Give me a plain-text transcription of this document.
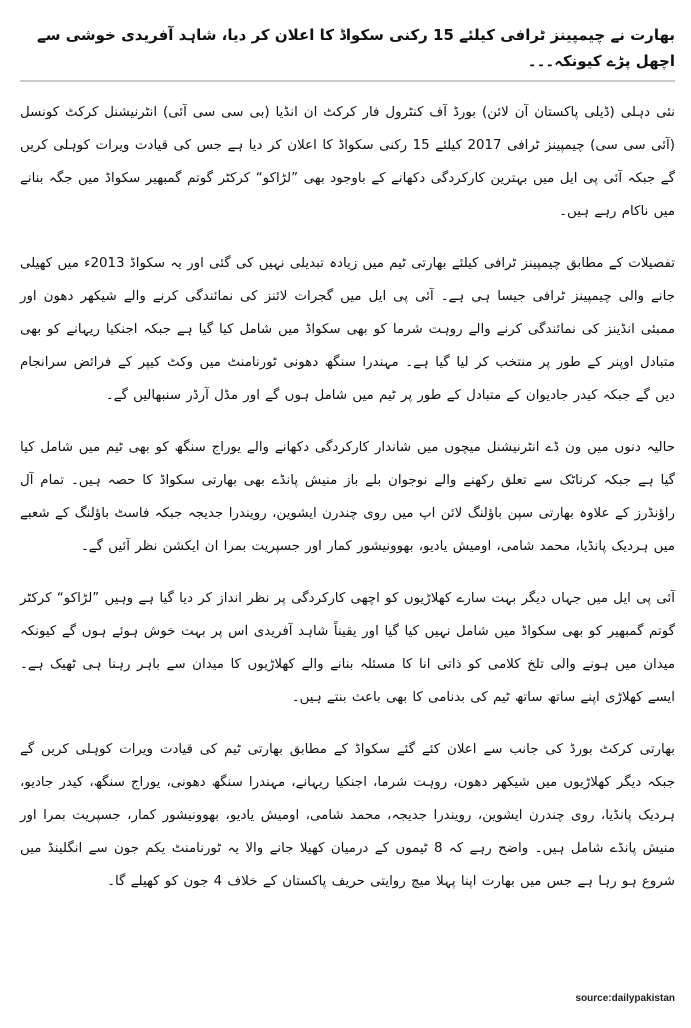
بھارت نے چیمپینز ٹرافی کیلئے 15 رکنی سکواڈ کا اعلان کر دیا، شاہد آفریدی خوشی سے اچھل پڑے کیونکہ۔۔۔

نئی دہلی (ڈیلی پاکستان آن لائن) بورڈ آف کنٹرول فار کرکٹ ان انڈیا (بی سی سی آئی) انٹرنیشنل کرکٹ کونسل (آئی سی سی) چیمپینز ٹرافی 2017 کیلئے 15 رکنی سکواڈ کا اعلان کر دیا ہے جس کی قیادت ویرات کوہلی کریں گے جبکہ آئی پی ایل میں بہترین کارکردگی دکھانے کے باوجود بھی ”لڑاکو“ کرکٹر گوتم گمبھیر سکواڈ میں جگہ بنانے میں ناکام رہے ہیں۔

تفصیلات کے مطابق چیمپینز ٹرافی کیلئے بھارتی ٹیم میں زیادہ تبدیلی نہیں کی گئی اور یہ سکواڈ 2013ء میں کھیلی جانے والی چیمپینز ٹرافی جیسا ہی ہے۔ آئی پی ایل میں گجرات لائنز کی نمائندگی کرنے والے شیکھر دھون اور ممبئی انڈینز کی نمائندگی کرنے والے روہت شرما کو بھی سکواڈ میں شامل کیا گیا ہے جبکہ اجنکیا ریہانے کو بھی متبادل اوپنر کے طور پر منتخب کر لیا گیا ہے۔ مہندرا سنگھ دھونی ٹورنامنٹ میں وکٹ کیپر کے فرائض سرانجام دیں گے جبکہ کیدر جادیوان کے متبادل کے طور پر ٹیم میں شامل ہوں گے اور مڈل آرڈر سنبھالیں گے۔

حالیہ دنوں میں ون ڈے انٹرنیشنل میچوں میں شاندار کارکردگی دکھانے والے یوراج سنگھ کو بھی ٹیم میں شامل کیا گیا ہے جبکہ کرناٹک سے تعلق رکھنے والے نوجوان بلے باز منیش پانڈے بھی بھارتی سکواڈ کا حصہ ہیں۔ تمام آل راؤنڈرز کے علاوہ بھارتی سپن باؤلنگ لائن اپ میں روی چندرن ایشوین، رویندرا جدیجہ جبکہ فاسٹ باؤلنگ کے شعبے میں ہردیک پانڈیا، محمد شامی، اومیش یادیو، بھوونیشور کمار اور جسپریت بمرا ان ایکشن نظر آئیں گے۔

آئی پی ایل میں جہاں دیگر بہت سارے کھلاڑیوں کو اچھی کارکردگی پر نظر انداز کر دیا گیا ہے وہیں ”لڑاکو“ کرکٹر گوتم گمبھیر کو بھی سکواڈ میں شامل نہیں کیا گیا اور یقیناً شاہد آفریدی اس پر بہت خوش ہوئے ہوں گے کیونکہ میدان میں ہونے والی تلخ کلامی کو ذاتی انا کا مسئلہ بنانے والے کھلاڑیوں کا میدان سے باہر رہنا ہی ٹھیک ہے۔ ایسے کھلاڑی اپنے ساتھ ساتھ ٹیم کی بدنامی کا بھی باعث بنتے ہیں۔

بھارتی کرکٹ بورڈ کی جانب سے اعلان کئے گئے سکواڈ کے مطابق بھارتی ٹیم کی قیادت ویرات کوہلی کریں گے جبکہ دیگر کھلاڑیوں میں شیکھر دھون، روہت شرما، اجنکیا ریہانے، مہندرا سنگھ دھونی، یوراج سنگھ، کیدر جادیو، ہردیک پانڈیا، روی چندرن ایشوین، رویندرا جدیجہ، محمد شامی، اومیش یادیو، بھوونیشور کمار، جسپریت بمرا اور منیش پانڈے شامل ہیں۔ واضح رہے کہ 8 ٹیموں کے درمیان کھیلا جانے والا یہ ٹورنامنٹ یکم جون سے انگلینڈ میں شروع ہو رہا ہے جس میں بھارت اپنا پہلا میچ روایتی حریف پاکستان کے خلاف 4 جون کو کھیلے گا۔

source:dailypakistan
